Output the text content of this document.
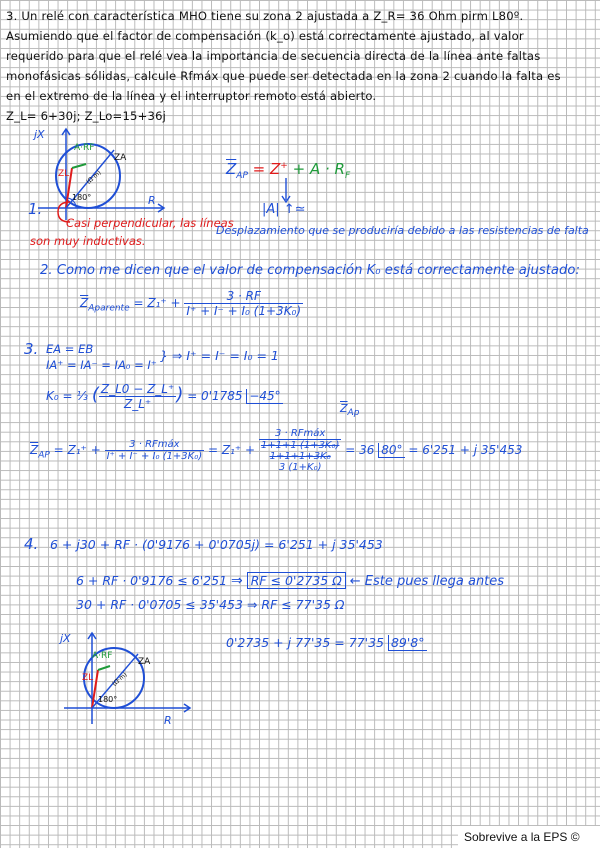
3. Un relé con característica MHO tiene su zona 2 ajustada a Z_R= 36 Ohm pirm L80º.

Asumiendo que el factor de compensación (k_o) está correctamente ajustado, al valor

requerido para que el relé vea la importancia de secuencia directa de la línea ante faltas

monofásicas sólidas, calcule Rfmáx que puede ser detectada en la zona 2 cuando la falta es

en el extremo de la línea y el interruptor remoto está abierto.

Z_L= 6+30j; Z_Lo=15+36j

jX
R
ZA
A·RF
ZL
180°
(Ω·m)
1.
Casi perpendicular, las líneas
son muy inductivas.
$\overline{Z}_{AP} = Z^+ + A \cdot R_F$
|A| ↑≃
Desplazamiento que se produciría debido a las resistencias de falta
2. Como me dicen que el valor de compensación K₀ está correctamente ajustado:
$\overline{Z}_{Aparente} = Z_1^+ + \frac{3 \cdot RF}{\text{I⁺ + I⁻ + I₀ (1+3K₀)}}$
3. EA = EB
IA⁺ = IA⁻ = IA₀ = I⁺
} ⇒ I⁺ = I⁻ = I₀ = 1
K₀ = ⅓ ( $\frac{Z\_L0 - Z\_L^+}{Z\_L^+}$ ) = 0'1785 −45°
$\overline{Z}_{Ap}$
$\overline{Z}_{AP} = Z_1^+ + \frac{\text{3 · RFmáx}}{\text{I⁺ + I⁻ + I₀ (1+3K₀)}} = Z_1^+$ +
3 · RFmáx
1+1+1 (1+3K₀)
1+1+1+3K₀
3 (1+K₀)
= 36 80° = 6'251 + j 35'453
4. 6 + j30 + RF · (0'9176 + 0'0705j) = 6'251 + j 35'453
6 + RF · 0'9176 ≤ 6'251 ⇒ RF ≤ 0'2735 Ω ← Este pues llega antes
30 + RF · 0'0705 ≤ 35'453 ⇒ RF ≤ 77'35 Ω
0'2735 + j 77'35 = 77'35 89'8°
jX
R
ZA
A·RF
ZL
180°
(Ω·m)
Sobrevive a la EPS ©
